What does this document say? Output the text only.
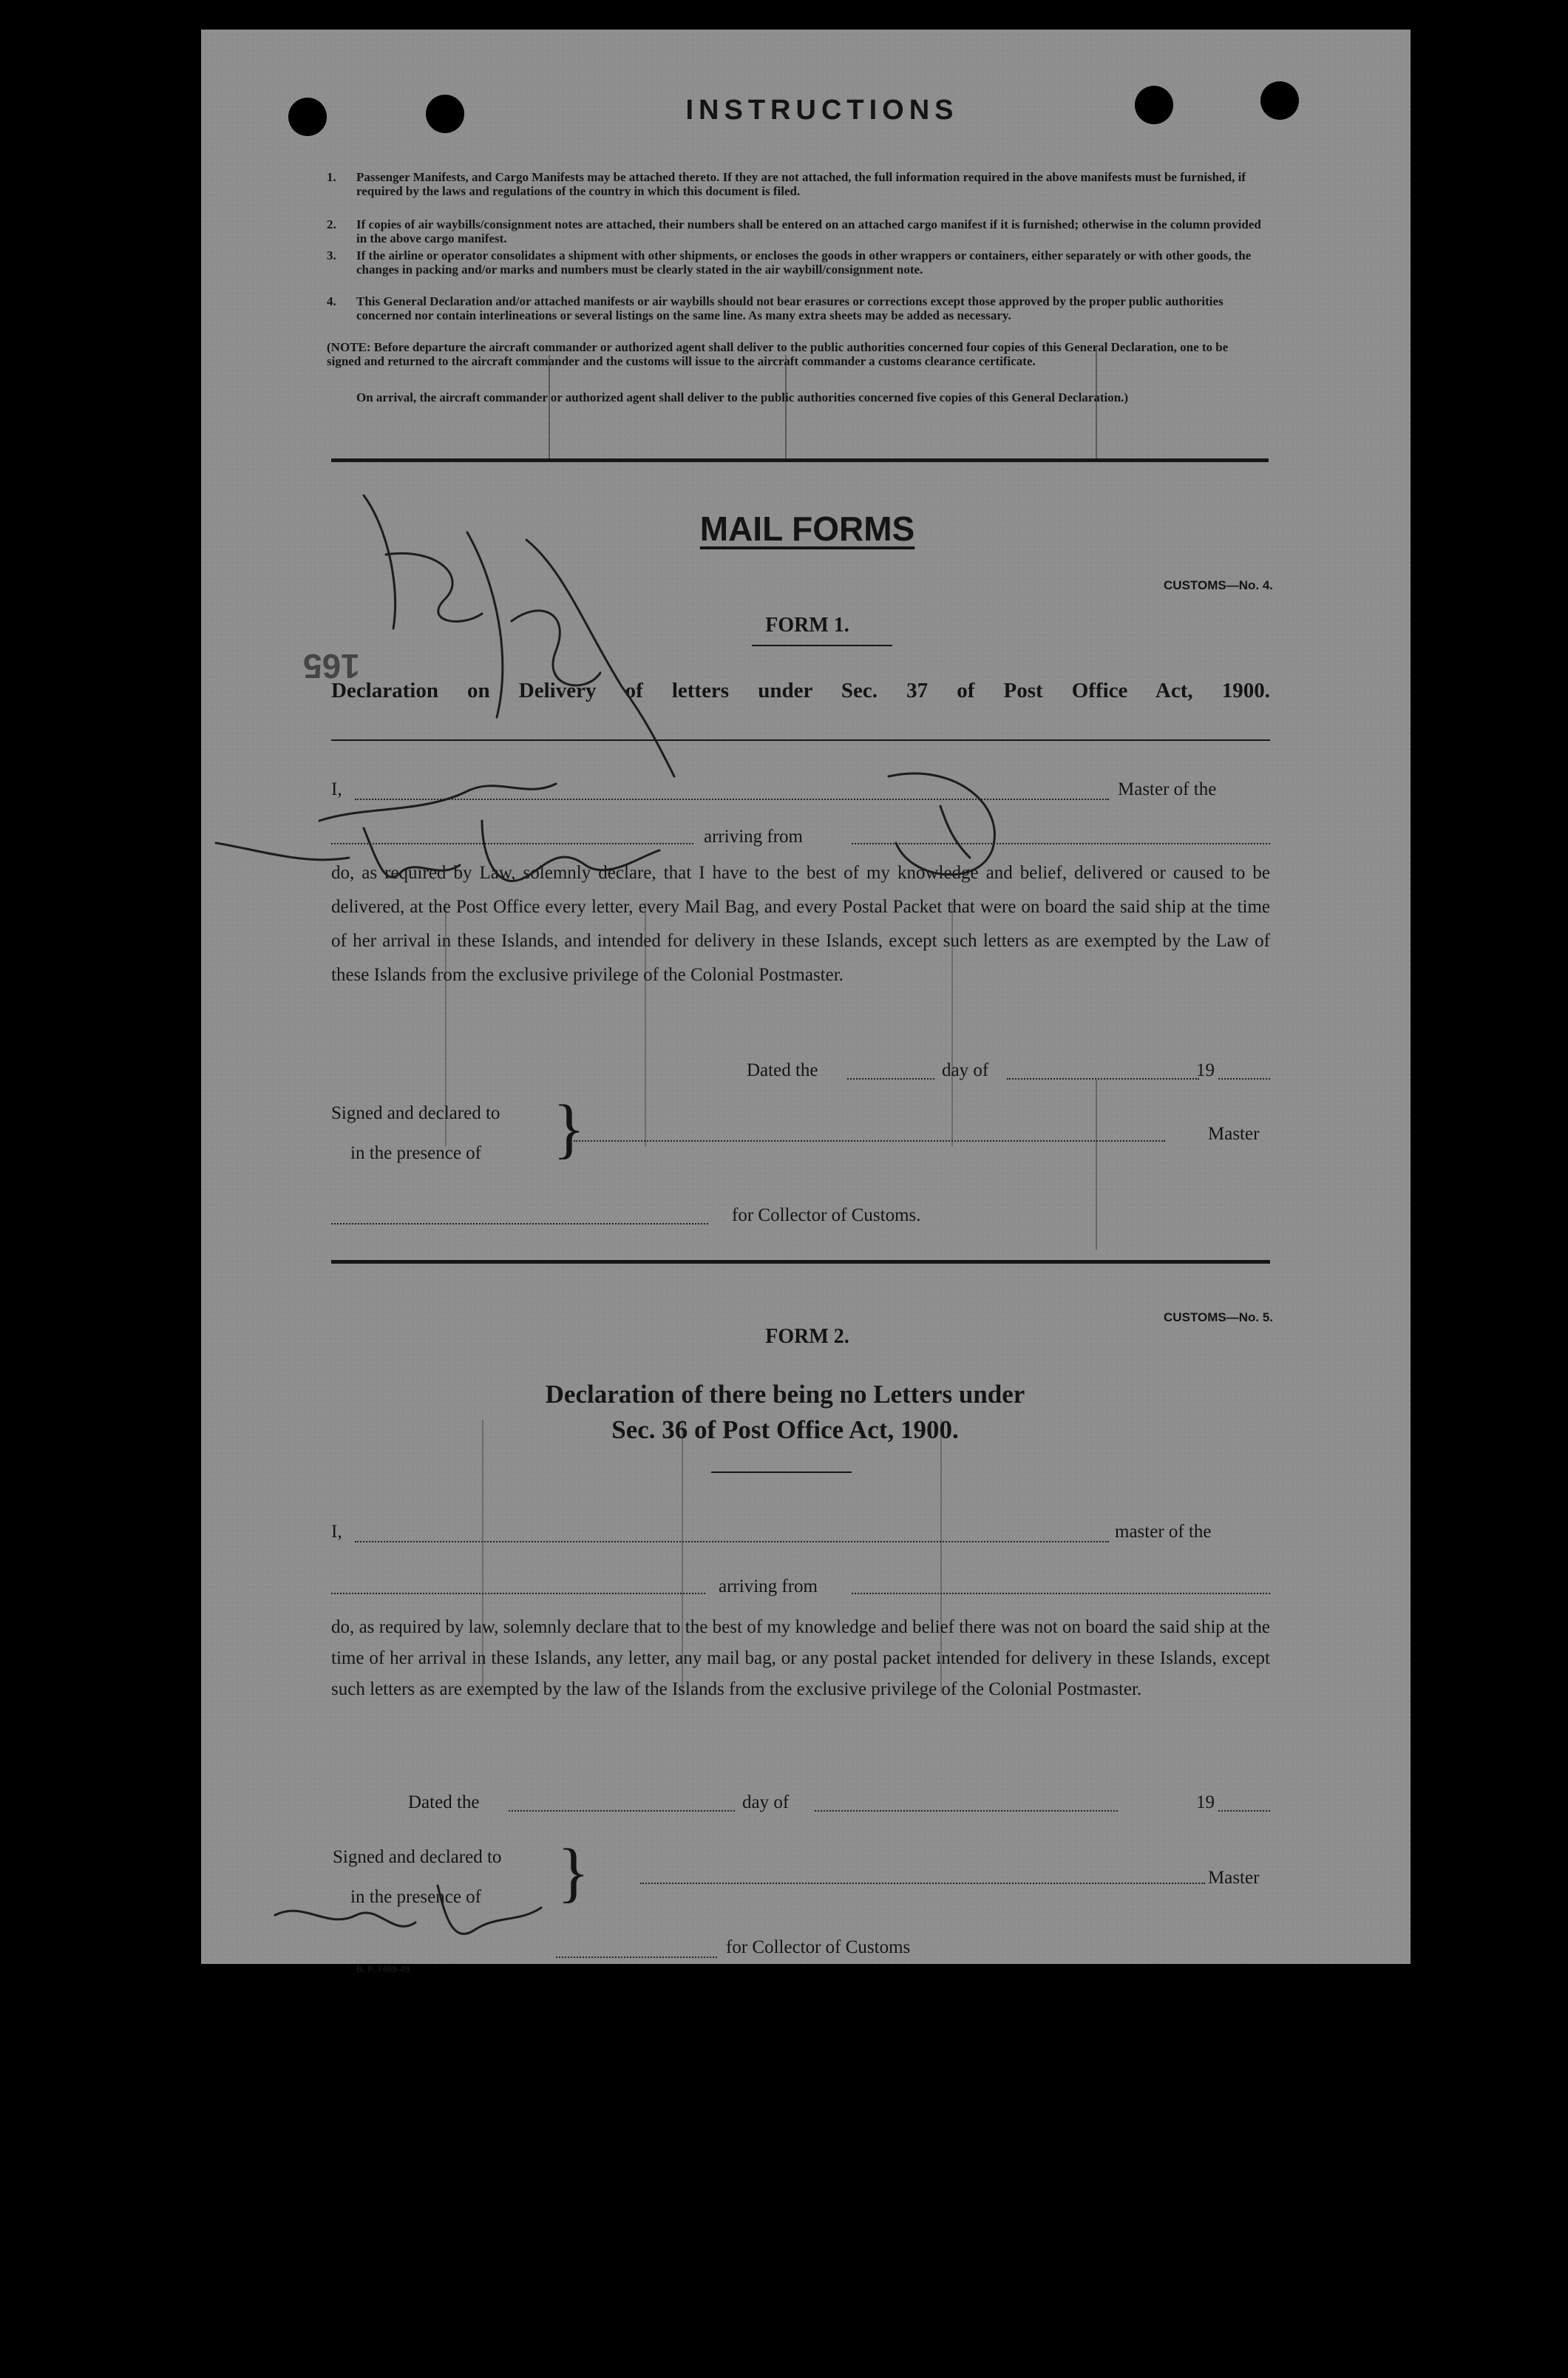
INSTRUCTIONS
1.	Passenger Manifests, and Cargo Manifests may be attached thereto. If they are not attached, the full information required in the above manifests must be furnished, if required by the laws and regulations of the country in which this document is filed.
2.	If copies of air waybills/consignment notes are attached, their numbers shall be entered on an attached cargo manifest if it is furnished; otherwise in the column provided in the above cargo manifest.
3.	If the airline or operator consolidates a shipment with other shipments, or encloses the goods in other wrappers or containers, either separately or with other goods, the changes in packing and/or marks and numbers must be clearly stated in the air waybill/consignment note.
4.	This General Declaration and/or attached manifests or air waybills should not bear erasures or corrections except those approved by the proper public authorities concerned nor contain interlineations or several listings on the same line. As many extra sheets may be added as necessary.
(NOTE: Before departure the aircraft commander or authorized agent shall deliver to the public authorities concerned four copies of this General Declaration, one to be signed and returned to the aircraft commander and the customs will issue to the aircraft commander a customs clearance certificate.
On arrival, the aircraft commander or authorized agent shall deliver to the public authorities concerned five copies of this General Declaration.)
MAIL FORMS
CUSTOMS—No. 4.
FORM 1.
Declaration on Delivery of letters under Sec. 37 of Post Office Act, 1900.
I,	Master of the
arriving from
do, as required by Law, solemnly declare, that I have to the best of my knowledge and belief, delivered or caused to be delivered, at the Post Office every letter, every Mail Bag, and every Postal Packet that were on board the said ship at the time of her arrival in these Islands, and intended for delivery in these Islands, except such letters as are exempted by the Law of these Islands from the exclusive privilege of the Colonial Postmaster.
Dated the	day of	19
Signed and declared to
in the presence of }	Master
for Collector of Customs.
CUSTOMS—No. 5.
FORM 2.
Declaration of there being no Letters under
Sec. 36 of Post Office Act, 1900.
I,	master of the
arriving from
do, as required by law, solemnly declare that to the best of my knowledge and belief there was not on board the said ship at the time of her arrival in these Islands, any letter, any mail bag, or any postal packet intended for delivery in these Islands, except such letters as are exempted by the law of the Islands from the exclusive privilege of the Colonial Postmaster.
Dated the	day of	19
Signed and declared to
in the presence of }	Master
for Collector of Customs
B. P. 7469-49
165
